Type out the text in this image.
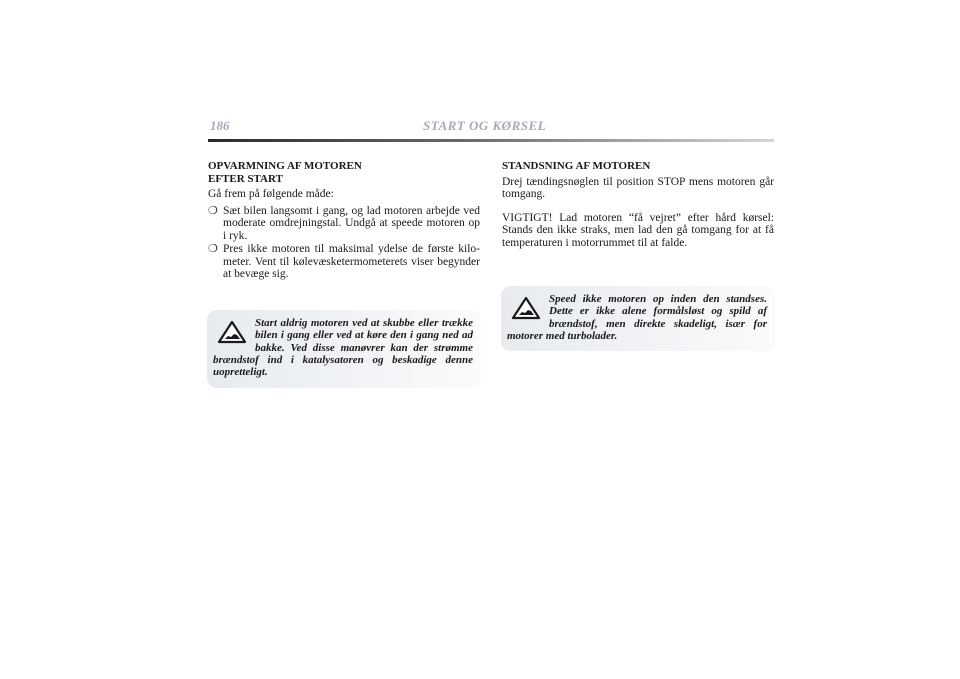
186	START OG KØRSEL
OPVARMNING AF MOTOREN
EFTER START

Gå frem på følgende måde:

❍ Sæt bilen langsomt i gang, og lad motoren arbejde ved moderate omdrejningstal. Undgå at speede motoren op i ryk.
❍ Pres ikke motoren til maksimal ydelse de første kilometer. Vent til kølevæsketermometerets viser begynder at bevæge sig.
Start aldrig motoren ved at skubbe eller trække bilen i gang eller ved at køre den i gang ned ad bakke. Ved disse manøvrer kan der strømme brændstof ind i katalysatoren og beskadige denne uopretteligt.
STANDSNING AF MOTOREN

Drej tændingsnøglen til position STOP mens motoren går tomgang.

VIGTIGT! Lad motoren “få vejret” efter hård kørsel: Stands den ikke straks, men lad den gå tomgang for at få temperaturen i motorrummet til at falde.

Speed ikke motoren op inden den standses. Dette er ikke alene formålsløst og spild af brændstof, men direkte skadeligt, især for motorer med turbolader.
